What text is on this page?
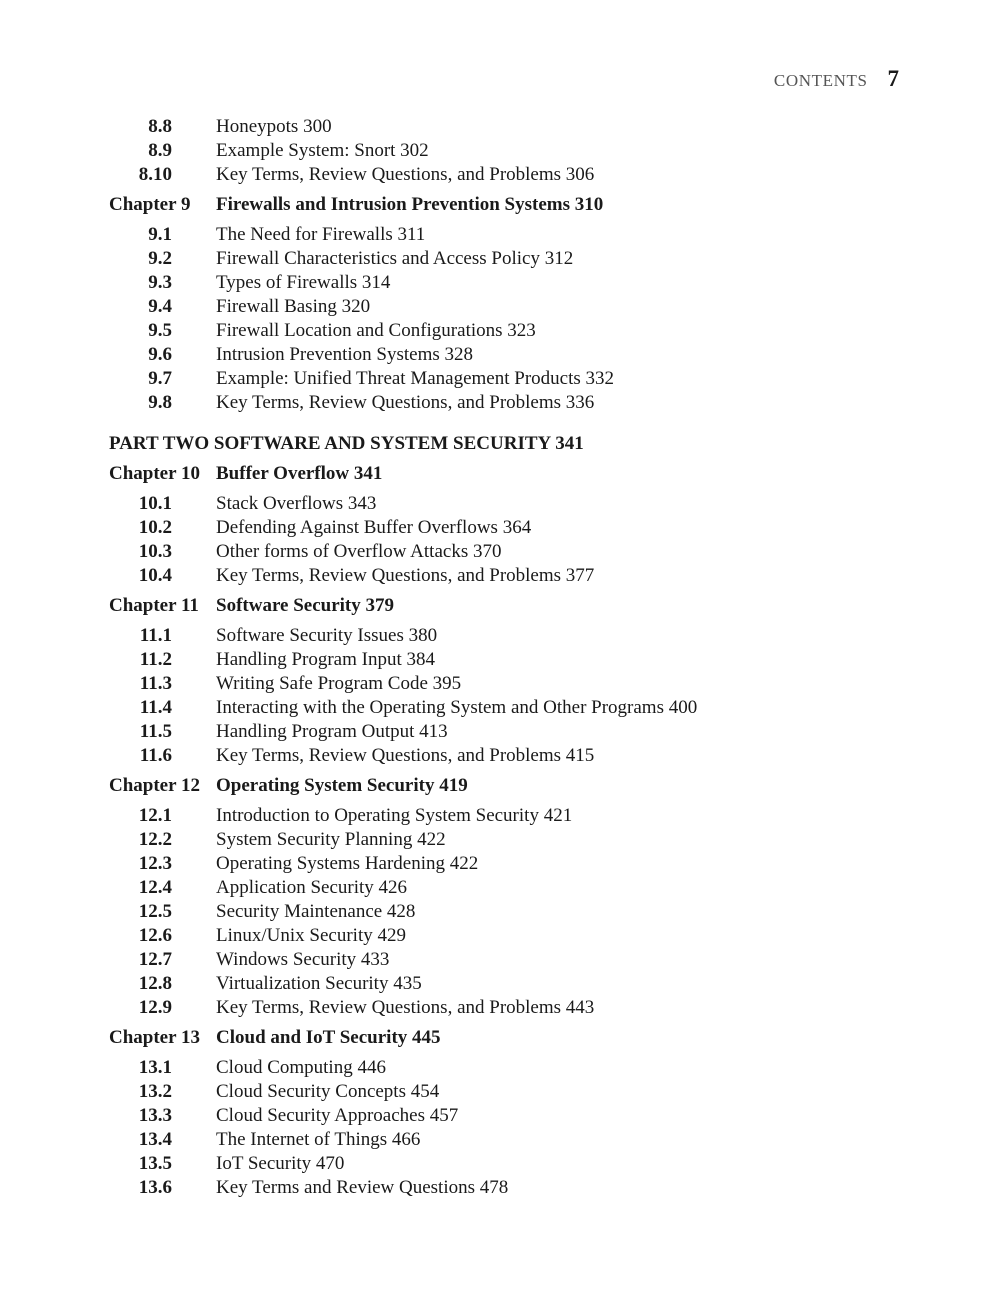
CONTENTS 7
8.8 Honeypots 300
8.9 Example System: Snort 302
8.10 Key Terms, Review Questions, and Problems 306
Chapter 9 Firewalls and Intrusion Prevention Systems 310
9.1 The Need for Firewalls 311
9.2 Firewall Characteristics and Access Policy 312
9.3 Types of Firewalls 314
9.4 Firewall Basing 320
9.5 Firewall Location and Configurations 323
9.6 Intrusion Prevention Systems 328
9.7 Example: Unified Threat Management Products 332
9.8 Key Terms, Review Questions, and Problems 336
PART TWO SOFTWARE AND SYSTEM SECURITY 341
Chapter 10 Buffer Overflow 341
10.1 Stack Overflows 343
10.2 Defending Against Buffer Overflows 364
10.3 Other forms of Overflow Attacks 370
10.4 Key Terms, Review Questions, and Problems 377
Chapter 11 Software Security 379
11.1 Software Security Issues 380
11.2 Handling Program Input 384
11.3 Writing Safe Program Code 395
11.4 Interacting with the Operating System and Other Programs 400
11.5 Handling Program Output 413
11.6 Key Terms, Review Questions, and Problems 415
Chapter 12 Operating System Security 419
12.1 Introduction to Operating System Security 421
12.2 System Security Planning 422
12.3 Operating Systems Hardening 422
12.4 Application Security 426
12.5 Security Maintenance 428
12.6 Linux/Unix Security 429
12.7 Windows Security 433
12.8 Virtualization Security 435
12.9 Key Terms, Review Questions, and Problems 443
Chapter 13 Cloud and IoT Security 445
13.1 Cloud Computing 446
13.2 Cloud Security Concepts 454
13.3 Cloud Security Approaches 457
13.4 The Internet of Things 466
13.5 IoT Security 470
13.6 Key Terms and Review Questions 478
